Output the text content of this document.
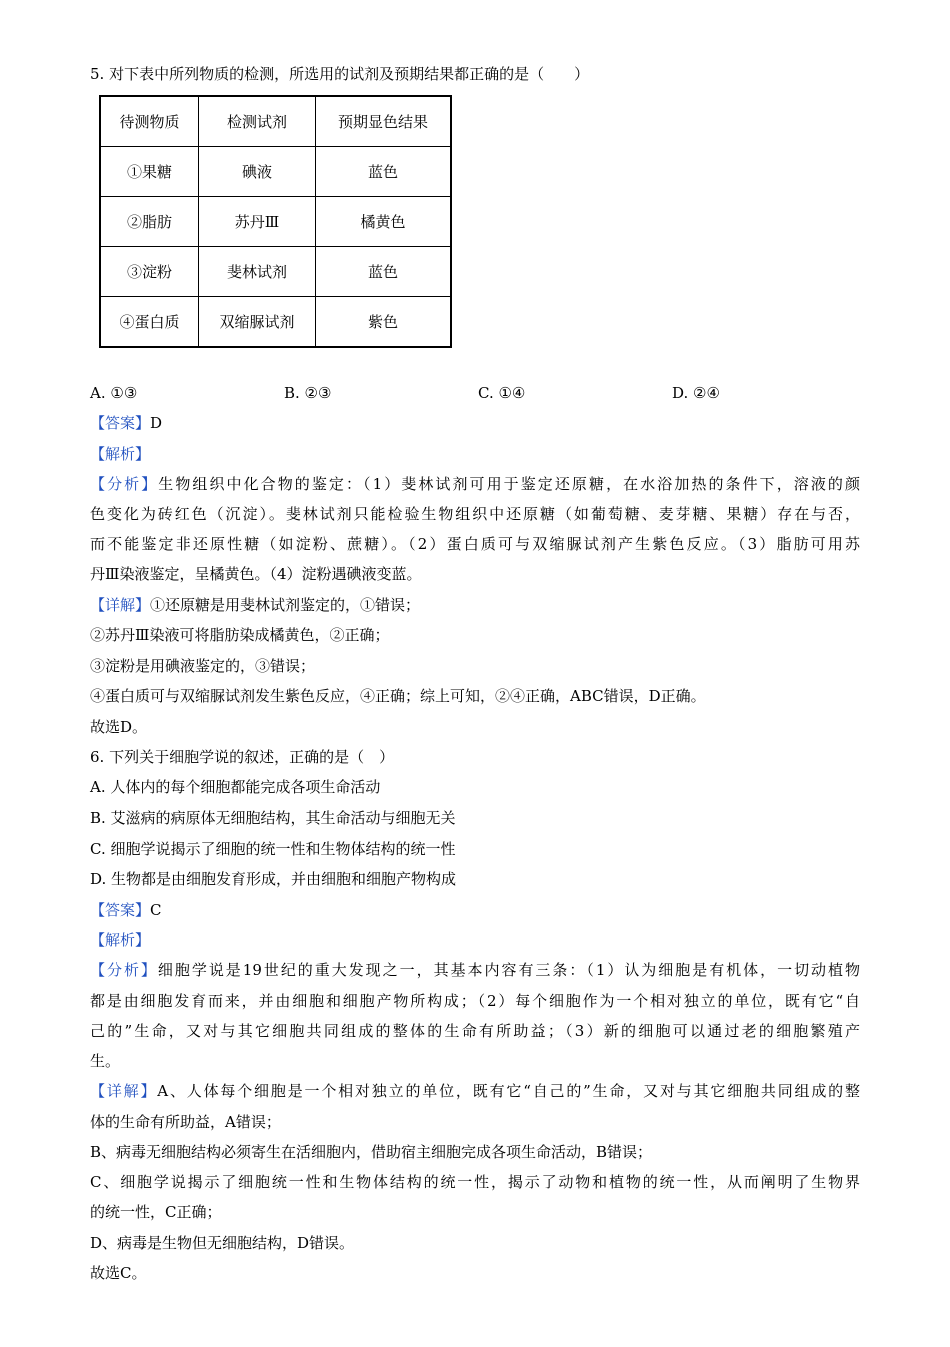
5. 对下表中所列物质的检测，所选用的试剂及预期结果都正确的是（　　）
待测物质	检测试剂	预期显色结果
①果糖	碘液	蓝色
②脂肪	苏丹Ⅲ	橘黄色
③淀粉	斐林试剂	蓝色
④蛋白质	双缩脲试剂	紫色
A. ①③	B. ②③	C. ①④	D. ②④
【答案】D
【解析】
【分析】生物组织中化合物的鉴定：（1）斐林试剂可用于鉴定还原糖，在水浴加热的条件下，溶液的颜
色变化为砖红色（沉淀）。斐林试剂只能检验生物组织中还原糖（如葡萄糖、麦芽糖、果糖）存在与否，
而不能鉴定非还原性糖（如淀粉、蔗糖）。（2）蛋白质可与双缩脲试剂产生紫色反应。（3）脂肪可用苏
丹Ⅲ染液鉴定，呈橘黄色。（4）淀粉遇碘液变蓝。
【详解】①还原糖是用斐林试剂鉴定的，①错误；
②苏丹Ⅲ染液可将脂肪染成橘黄色，②正确；
③淀粉是用碘液鉴定的，③错误；
④蛋白质可与双缩脲试剂发生紫色反应，④正确；综上可知，②④正确，ABC错误，D正确。
故选D。
6. 下列关于细胞学说的叙述，正确的是（　）
A. 人体内的每个细胞都能完成各项生命活动
B. 艾滋病的病原体无细胞结构，其生命活动与细胞无关
C. 细胞学说揭示了细胞的统一性和生物体结构的统一性
D. 生物都是由细胞发育形成，并由细胞和细胞产物构成
【答案】C
【解析】
【分析】细胞学说是19世纪的重大发现之一，其基本内容有三条：（1）认为细胞是有机体，一切动植物
都是由细胞发育而来，并由细胞和细胞产物所构成；（2）每个细胞作为一个相对独立的单位，既有它“自
己的”生命，又对与其它细胞共同组成的整体的生命有所助益；（3）新的细胞可以通过老的细胞繁殖产
生。
【详解】A、人体每个细胞是一个相对独立的单位，既有它“自己的”生命，又对与其它细胞共同组成的整
体的生命有所助益，A错误；
B、病毒无细胞结构必须寄生在活细胞内，借助宿主细胞完成各项生命活动，B错误；
C、细胞学说揭示了细胞统一性和生物体结构的统一性，揭示了动物和植物的统一性，从而阐明了生物界
的统一性，C正确；
D、病毒是生物但无细胞结构，D错误。
故选C。
